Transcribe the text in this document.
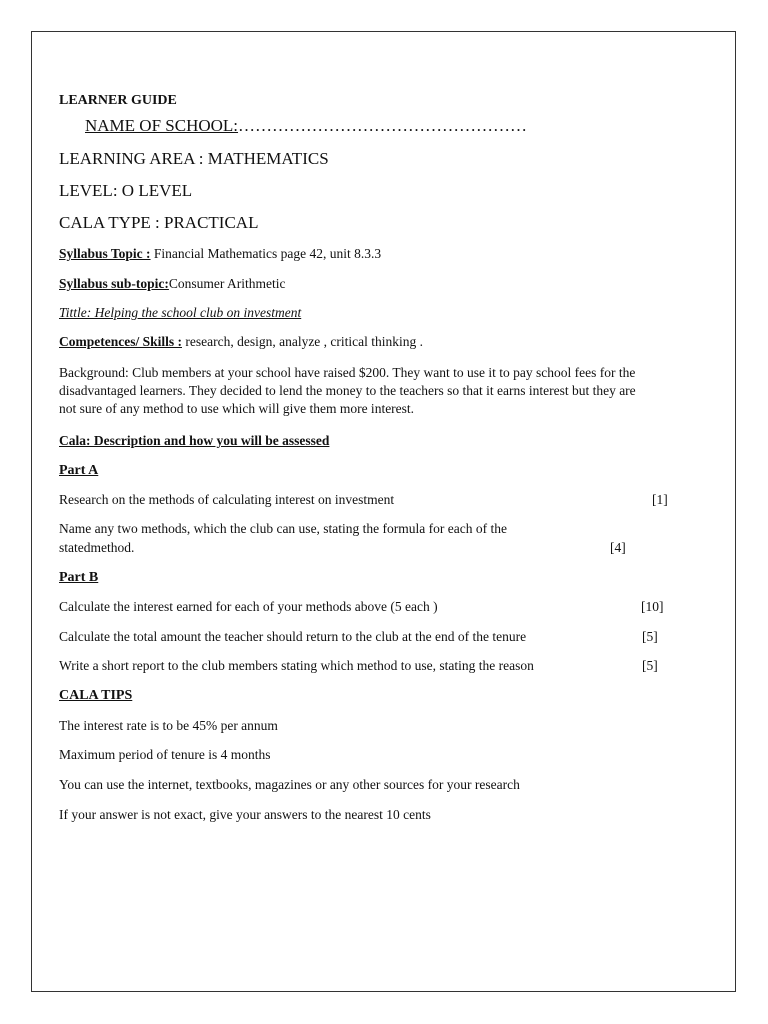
LEARNER GUIDE
NAME OF SCHOOL:……………………………………………
LEARNING AREA : MATHEMATICS
LEVEL: O LEVEL
CALA TYPE : PRACTICAL
Syllabus Topic : Financial Mathematics page 42, unit 8.3.3
Syllabus sub-topic:Consumer Arithmetic
Tittle: Helping the school club on investment
Competences/ Skills : research, design, analyze , critical thinking .
Background: Club members at your school have raised $200. They want to use it to pay school fees for the disadvantaged learners. They decided to lend the money to the teachers so that it earns interest but they are not sure of any method to use which will give them more interest.
Cala: Description and how you will be assessed
Part A
Research on the methods of calculating interest on investment	[1]
Name any two methods, which the club can use, stating the formula for each of the
statedmethod.	[4]
Part B
Calculate the interest earned for each of your methods above (5 each )	[10]
Calculate the total amount the teacher should return to the club at the end of the tenure	[5]
Write a short report to the club members stating which method to use, stating the reason	[5]
CALA TIPS
The interest rate is to be 45% per annum
Maximum period of tenure is 4 months
You can use the internet, textbooks, magazines or any other sources for your research
If your answer is not exact, give your answers to the nearest 10 cents
